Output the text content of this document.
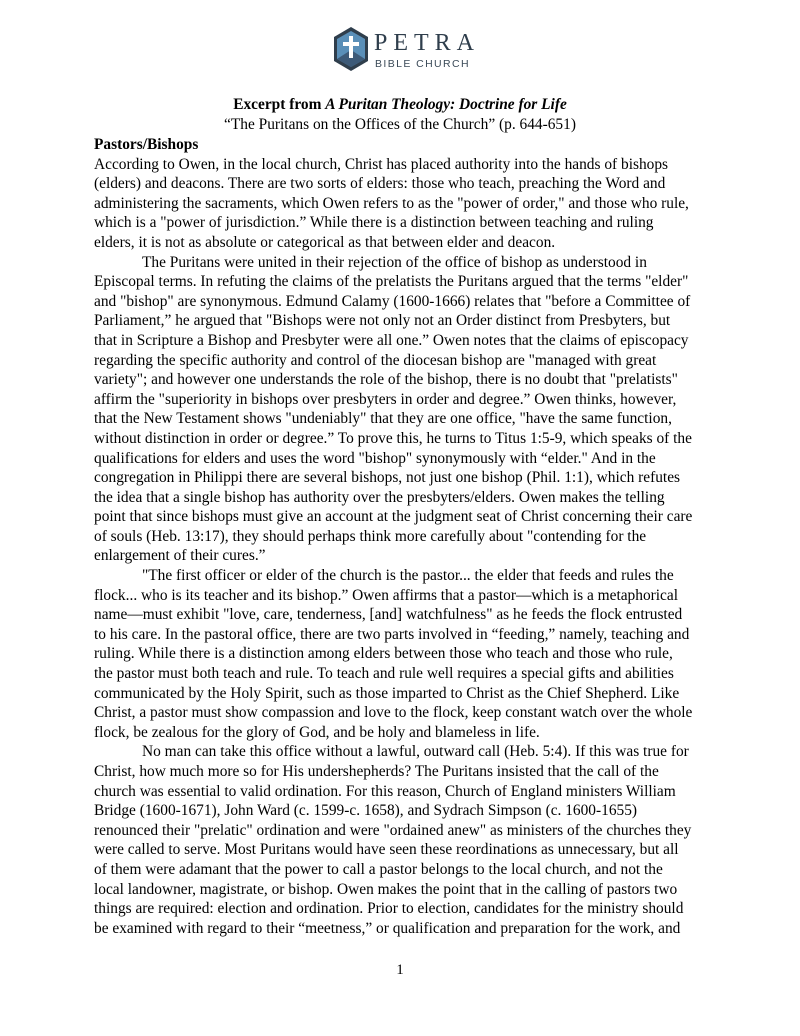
PETRA
BIBLE CHURCH
Excerpt from A Puritan Theology: Doctrine for Life
“The Puritans on the Offices of the Church” (p. 644-651)
Pastors/Bishops
According to Owen, in the local church, Christ has placed authority into the hands of bishops
(elders) and deacons. There are two sorts of elders: those who teach, preaching the Word and
administering the sacraments, which Owen refers to as the "power of order," and those who rule,
which is a "power of jurisdiction.” While there is a distinction between teaching and ruling
elders, it is not as absolute or categorical as that between elder and deacon.
The Puritans were united in their rejection of the office of bishop as understood in
Episcopal terms. In refuting the claims of the prelatists the Puritans argued that the terms "elder"
and "bishop" are synonymous. Edmund Calamy (1600-1666) relates that "before a Committee of
Parliament,” he argued that "Bishops were not only not an Order distinct from Presbyters, but
that in Scripture a Bishop and Presbyter were all one.” Owen notes that the claims of episcopacy
regarding the specific authority and control of the diocesan bishop are "managed with great
variety"; and however one understands the role of the bishop, there is no doubt that "prelatists"
affirm the "superiority in bishops over presbyters in order and degree.” Owen thinks, however,
that the New Testament shows "undeniably" that they are one office, "have the same function,
without distinction in order or degree.” To prove this, he turns to Titus 1:5-9, which speaks of the
qualifications for elders and uses the word "bishop" synonymously with “elder." And in the
congregation in Philippi there are several bishops, not just one bishop (Phil. 1:1), which refutes
the idea that a single bishop has authority over the presbyters/elders. Owen makes the telling
point that since bishops must give an account at the judgment seat of Christ concerning their care
of souls (Heb. 13:17), they should perhaps think more carefully about "contending for the
enlargement of their cures.”
"The first officer or elder of the church is the pastor... the elder that feeds and rules the
flock... who is its teacher and its bishop.” Owen affirms that a pastor—which is a metaphorical
name—must exhibit "love, care, tenderness, [and] watchfulness" as he feeds the flock entrusted
to his care. In the pastoral office, there are two parts involved in “feeding,” namely, teaching and
ruling. While there is a distinction among elders between those who teach and those who rule,
the pastor must both teach and rule. To teach and rule well requires a special gifts and abilities
communicated by the Holy Spirit, such as those imparted to Christ as the Chief Shepherd. Like
Christ, a pastor must show compassion and love to the flock, keep constant watch over the whole
flock, be zealous for the glory of God, and be holy and blameless in life.
No man can take this office without a lawful, outward call (Heb. 5:4). If this was true for
Christ, how much more so for His undershepherds? The Puritans insisted that the call of the
church was essential to valid ordination. For this reason, Church of England ministers William
Bridge (1600-1671), John Ward (c. 1599-c. 1658), and Sydrach Simpson (c. 1600-1655)
renounced their "prelatic" ordination and were "ordained anew" as ministers of the churches they
were called to serve. Most Puritans would have seen these reordinations as unnecessary, but all
of them were adamant that the power to call a pastor belongs to the local church, and not the
local landowner, magistrate, or bishop. Owen makes the point that in the calling of pastors two
things are required: election and ordination. Prior to election, candidates for the ministry should
be examined with regard to their “meetness,” or qualification and preparation for the work, and
1
